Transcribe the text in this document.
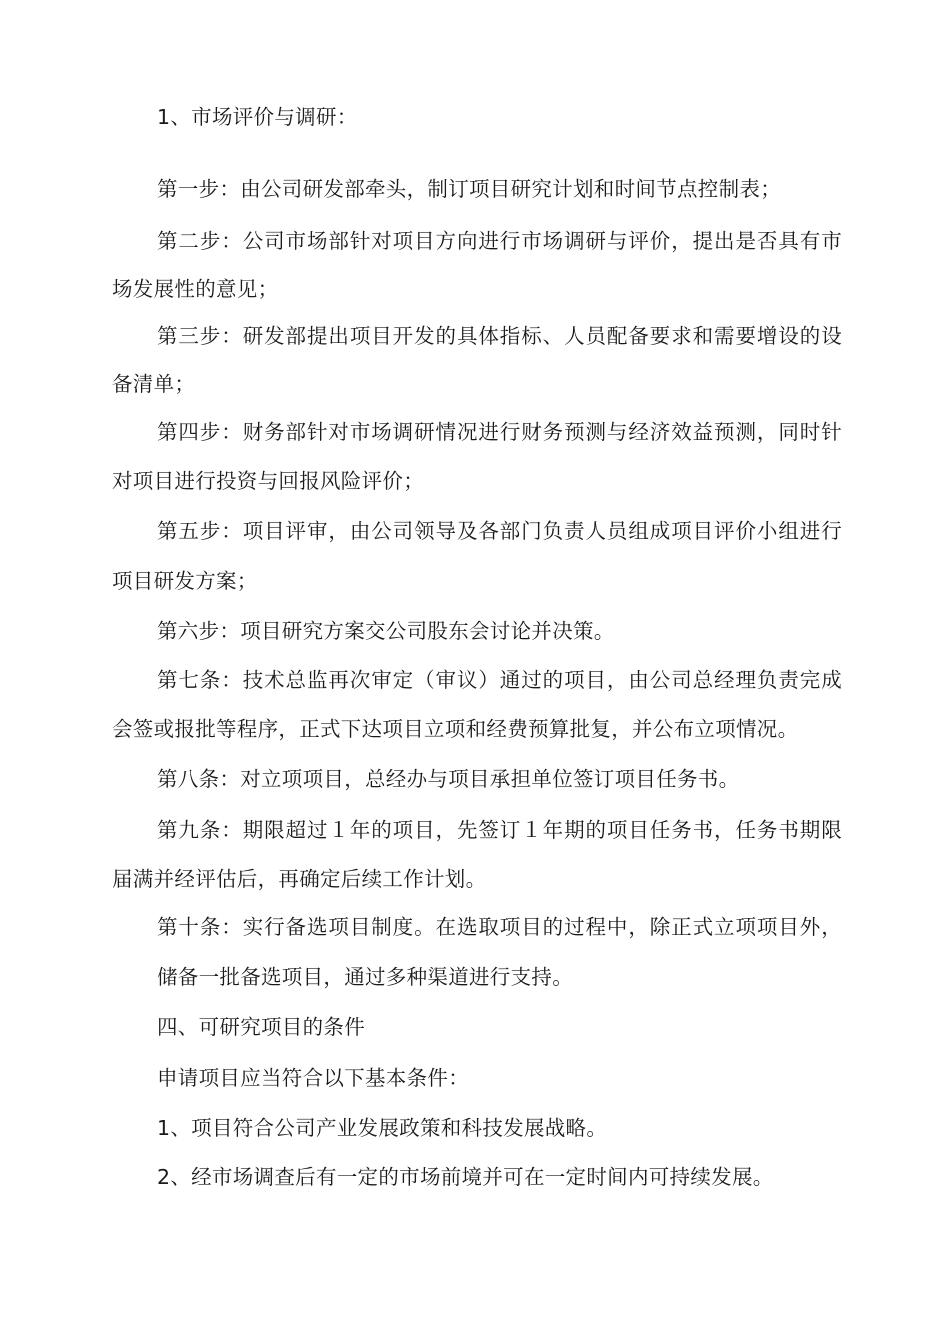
1、市场评价与调研：
第一步：由公司研发部牵头，制订项目研究计划和时间节点控制表；
第二步：公司市场部针对项目方向进行市场调研与评价，提出是否具有市
场发展性的意见；
第三步：研发部提出项目开发的具体指标、人员配备要求和需要增设的设
备清单；
第四步：财务部针对市场调研情况进行财务预测与经济效益预测，同时针
对项目进行投资与回报风险评价；
第五步：项目评审，由公司领导及各部门负责人员组成项目评价小组进行
项目研发方案；
第六步：项目研究方案交公司股东会讨论并决策。
第七条：技术总监再次审定（审议）通过的项目，由公司总经理负责完成
会签或报批等程序，正式下达项目立项和经费预算批复，并公布立项情况。
第八条：对立项项目，总经办与项目承担单位签订项目任务书。
第九条：期限超过１年的项目，先签订１年期的项目任务书，任务书期限
届满并经评估后，再确定后续工作计划。
第十条：实行备选项目制度。在选取项目的过程中，除正式立项项目外，
储备一批备选项目，通过多种渠道进行支持。
四、可研究项目的条件
申请项目应当符合以下基本条件：
1、项目符合公司产业发展政策和科技发展战略。
2、经市场调查后有一定的市场前境并可在一定时间内可持续发展。
